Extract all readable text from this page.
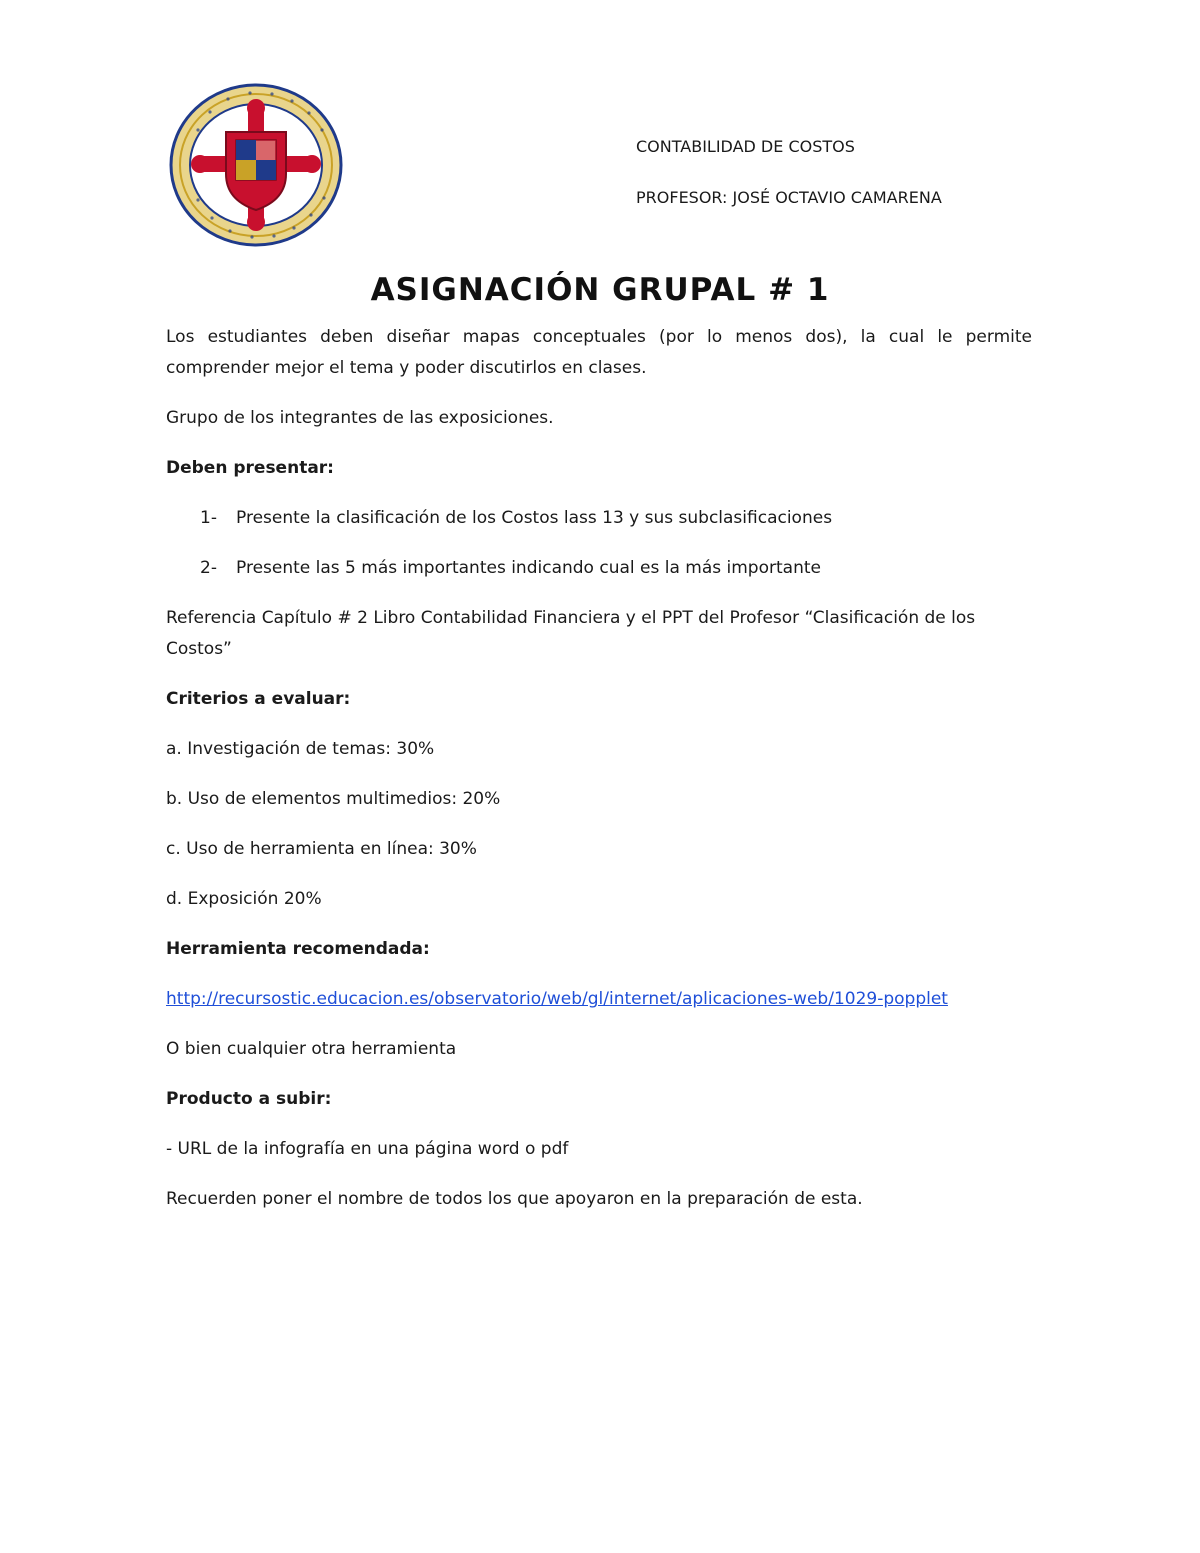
CONTABILIDAD DE COSTOS
PROFESOR: JOSÉ OCTAVIO CAMARENA
ASIGNACIÓN GRUPAL # 1
Los estudiantes deben diseñar mapas conceptuales (por lo menos dos), la cual le permite comprender mejor el tema y poder discutirlos en clases.
Grupo de los integrantes de las exposiciones.
Deben presentar:
1- Presente la clasificación de los Costos lass 13 y sus subclasificaciones
2- Presente las 5 más importantes indicando cual es la más importante
Referencia Capítulo # 2 Libro Contabilidad Financiera y el PPT del Profesor “Clasificación de los Costos”
Criterios a evaluar:
a. Investigación de temas: 30%
b. Uso de elementos multimedios: 20%
c. Uso de herramienta en línea: 30%
d. Exposición 20%
Herramienta recomendada:
http://recursostic.educacion.es/observatorio/web/gl/internet/aplicaciones-web/1029-popplet
O bien cualquier otra herramienta
Producto a subir:
- URL de la infografía en una página word o pdf
Recuerden poner el nombre de todos los que apoyaron en la preparación de esta.
